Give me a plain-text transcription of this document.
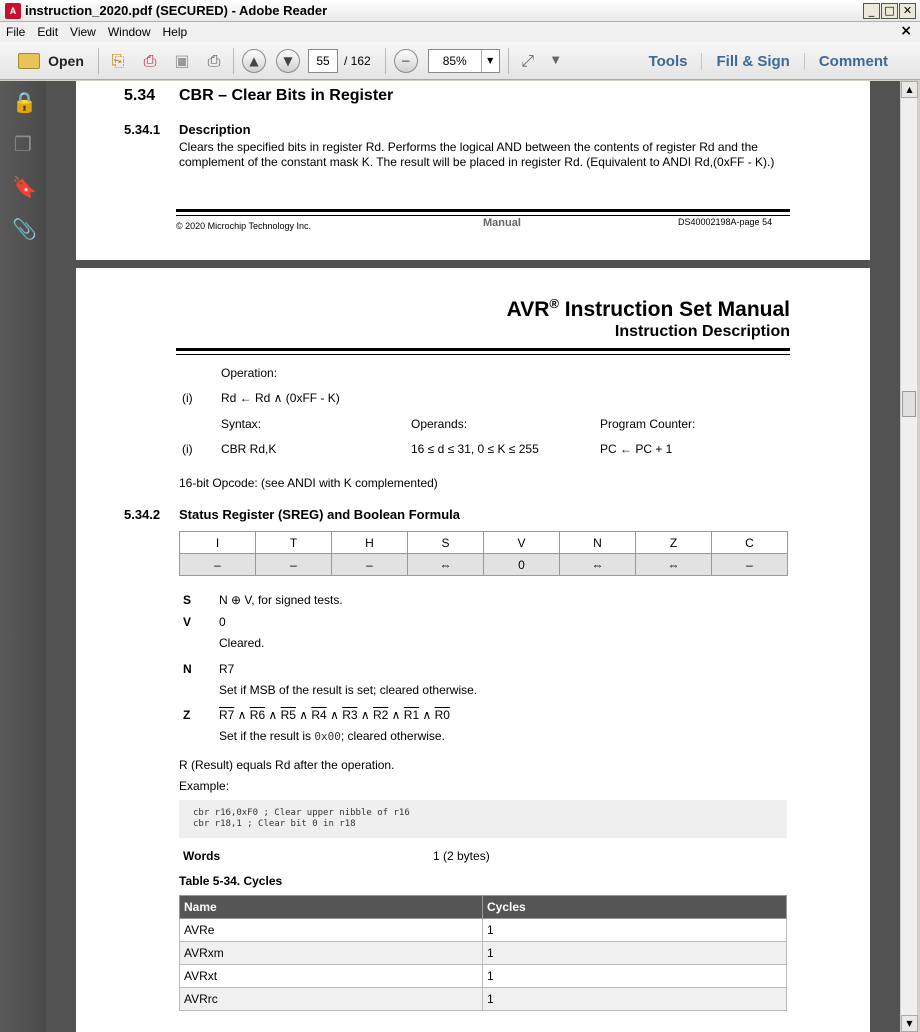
A instruction_2020.pdf (SECURED) - Adobe Reader	_ □ ✕
File	Edit	View	Window	Help	×
Open ⎘ ⎙ ▣ ⎙	▲	▼	55	/ 162	−	85%	▼	⤢	▼	Tools	Fill & Sign	Comment
🔒
❐
🔖
📎
5.34 CBR – Clear Bits in Register
5.34.1 Description
Clears the specified bits in register Rd. Performs the logical AND between the contents of register Rd and the
complement of the constant mask K. The result will be placed in register Rd. (Equivalent to ANDI Rd,(0xFF - K).)
© 2020 Microchip Technology Inc.	Manual	DS40002198A-page 54
AVR® Instruction Set Manual
Instruction Description
Operation:
(i) Rd ← Rd ∧ (0xFF - K)
Syntax:	Operands:	Program Counter:
(i) CBR Rd,K	16 ≤ d ≤ 31, 0 ≤ K ≤ 255	PC ← PC + 1
16-bit Opcode: (see ANDI with K complemented)
5.34.2 Status Register (SREG) and Boolean Formula
I	T	H	S	V	N	Z	C
–	–	–	⇔	0	⇔	⇔	–
S N ⊕ V, for signed tests.
V 0
Cleared.
N R7
Set if MSB of the result is set; cleared otherwise.
Z R7 ∧ R6 ∧ R5 ∧ R4 ∧ R3 ∧ R2 ∧ R1 ∧ R0
Set if the result is 0x00; cleared otherwise.
R (Result) equals Rd after the operation.
Example:
cbr r16,0xF0 ; Clear upper nibble of r16
cbr r18,1 ; Clear bit 0 in r18
Words	1 (2 bytes)
Table 5-34. Cycles
Name	Cycles
AVRe	1
AVRxm	1
AVRxt	1
AVRrc	1
▲
▼
